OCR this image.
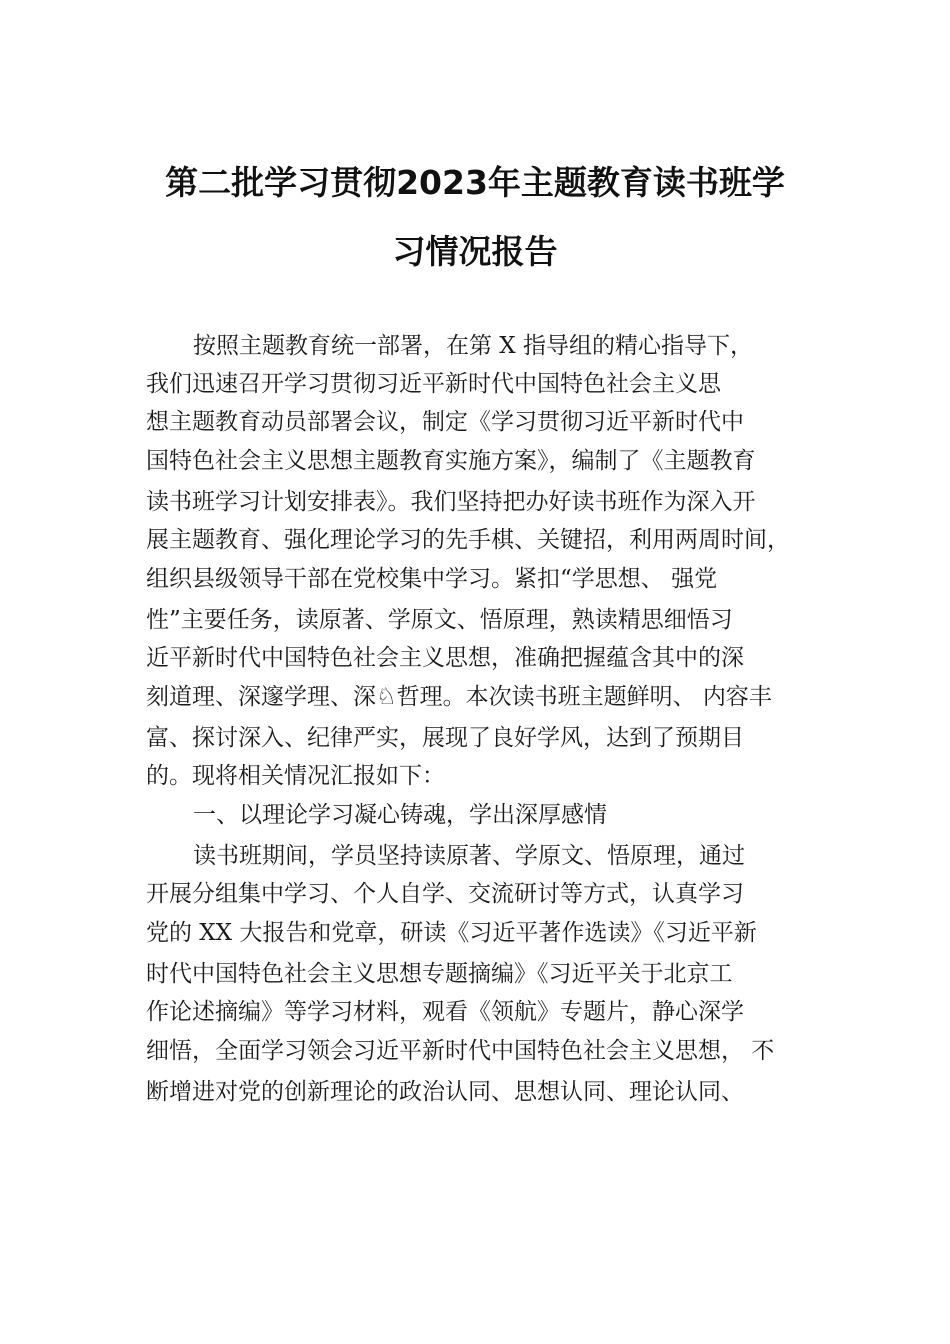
第二批学习贯彻2023年主题教育读书班学
习情况报告
按照主题教育统一部署，在第 X 指导组的精心指导下，
我们迅速召开学习贯彻习近平新时代中国特色社会主义思
想主题教育动员部署会议，制定《学习贯彻习近平新时代中
国特色社会主义思想主题教育实施方案》，编制了《主题教育
读书班学习计划安排表》。我们坚持把办好读书班作为深入开
展主题教育、强化理论学习的先手棋、关键招，利用两周时间，
组织县级领导干部在党校集中学习。紧扣“学思想、 强党
性”主要任务，读原著、学原文、悟原理，熟读精思细悟习
近平新时代中国特色社会主义思想，准确把握蕴含其中的深
刻道理、深邃学理、深♘哲理。本次读书班主题鲜明、 内容丰
富、探讨深入、纪律严实，展现了良好学风，达到了预期目
的。现将相关情况汇报如下：
一、以理论学习凝心铸魂，学出深厚感情
读书班期间，学员坚持读原著、学原文、悟原理，通过
开展分组集中学习、个人自学、交流研讨等方式，认真学习
党的 XX 大报告和党章，研读《习近平著作选读》《习近平新
时代中国特色社会主义思想专题摘编》《习近平关于北京工
作论述摘编》等学习材料，观看《领航》专题片，静心深学
细悟，全面学习领会习近平新时代中国特色社会主义思想， 不
断增进对党的创新理论的政治认同、思想认同、理论认同、
